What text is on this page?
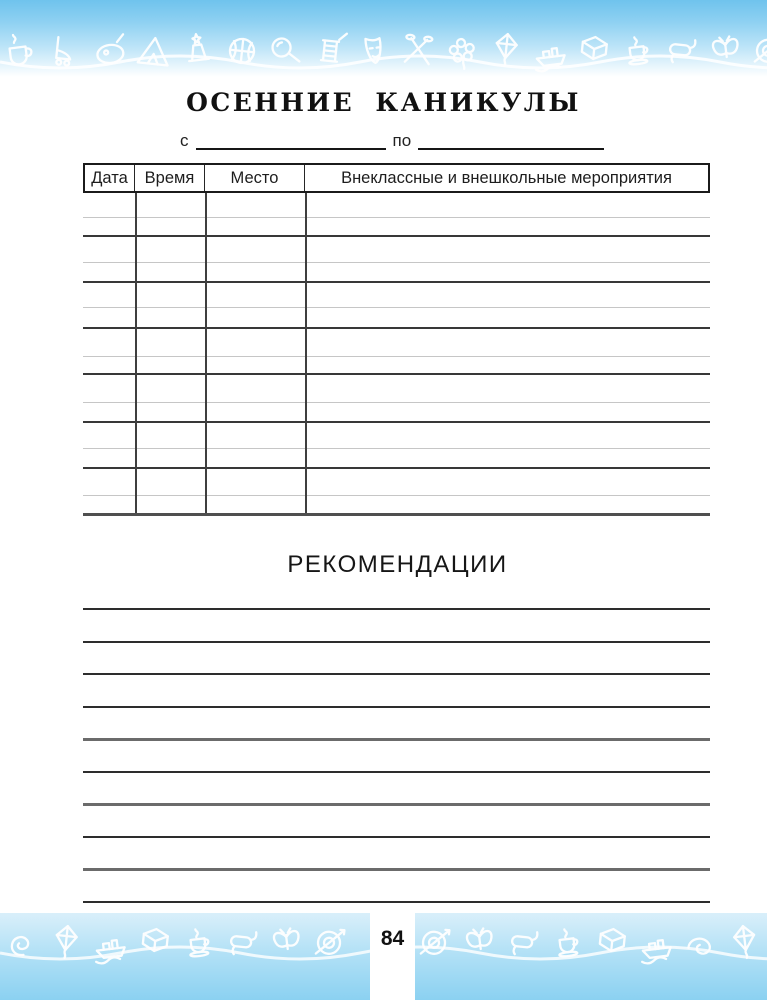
ОСЕННИЕ КАНИКУЛЫ
с	по
Дата	Время	Место	Внеклассные и внешкольные мероприятия
РЕКОМЕНДАЦИИ
84
